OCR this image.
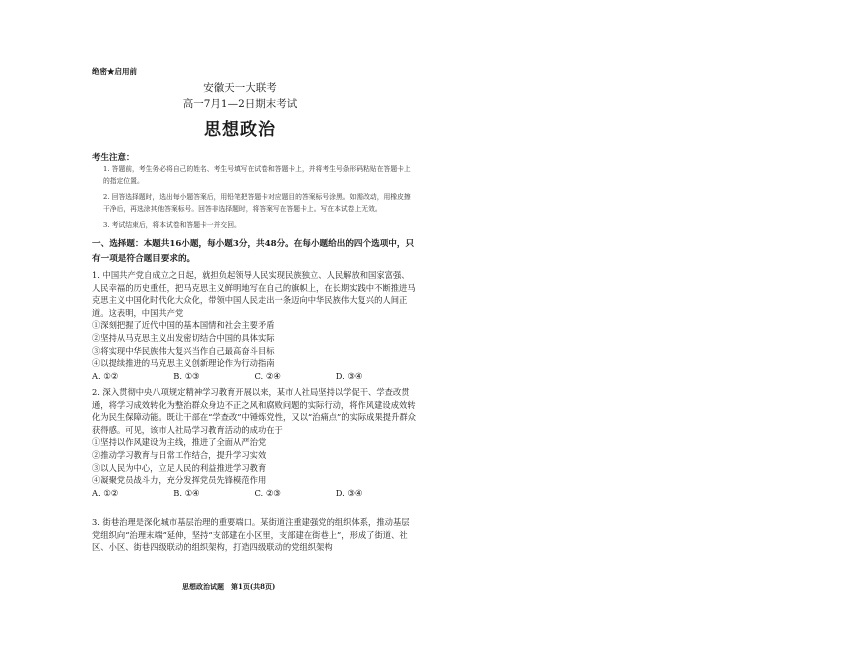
绝密★启用前
安徽天一大联考
高一7月1—2日期末考试
思想政治
考生注意：
1. 答题前，考生务必将自己的姓名、考生号填写在试卷和答题卡上，并将考生号条形码粘贴在答题卡上的指定位置。
2. 回答选择题时，选出每小题答案后，用铅笔把答题卡对应题目的答案标号涂黑。如需改动，用橡皮擦干净后，再选涂其他答案标号。回答非选择题时，将答案写在答题卡上。写在本试卷上无效。
3. 考试结束后，将本试卷和答题卡一并交回。
一、选择题：本题共16小题，每小题3分，共48分。在每小题给出的四个选项中，只有一项是符合题目要求的。

1. 中国共产党自成立之日起，就担负起领导人民实现民族独立、人民解放和国家富强、人民幸福的历史重任，把马克思主义鲜明地写在自己的旗帜上，在长期实践中不断推进马克思主义中国化时代化大众化，带领中国人民走出一条迈向中华民族伟大复兴的人间正道。这表明，中国共产党

①深刻把握了近代中国的基本国情和社会主要矛盾

②坚持从马克思主义出发密切结合中国的具体实际

③将实现中华民族伟大复兴当作自己最高奋斗目标

④以提续推进的马克思主义创新理论作为行动指南

A. ①②	B. ①③	C. ②④	D. ③④

2. 深入贯彻中央八项规定精神学习教育开展以来，某市人社局坚持以学促干、学查改贯通，将学习成效转化为整治群众身边不正之风和腐败问题的实际行动，将作风建设成效转化为民生保障动能。既让干部在“学查改”中锤炼党性，又以“治痛点”的实际成果提升群众获得感。可见，该市人社局学习教育活动的成功在于

①坚持以作风建设为主线，推进了全面从严治党

②推动学习教育与日常工作结合，提升学习实效

③以人民为中心，立足人民的利益推进学习教育

④凝聚党员战斗力，充分发挥党员先锋模范作用

A. ①②	B. ①④	C. ②③	D. ③④

3. 街巷治理是深化城市基层治理的重要端口。某街道注重建强党的组织体系，推动基层党组织向“治理末端”延伸，坚持“支部建在小区里，支部建在街巷上”，形成了街道、社区、小区、街巷四级联动的组织架构，打造四级联动的党组织架构

思想政治试题　第1页(共8页)
